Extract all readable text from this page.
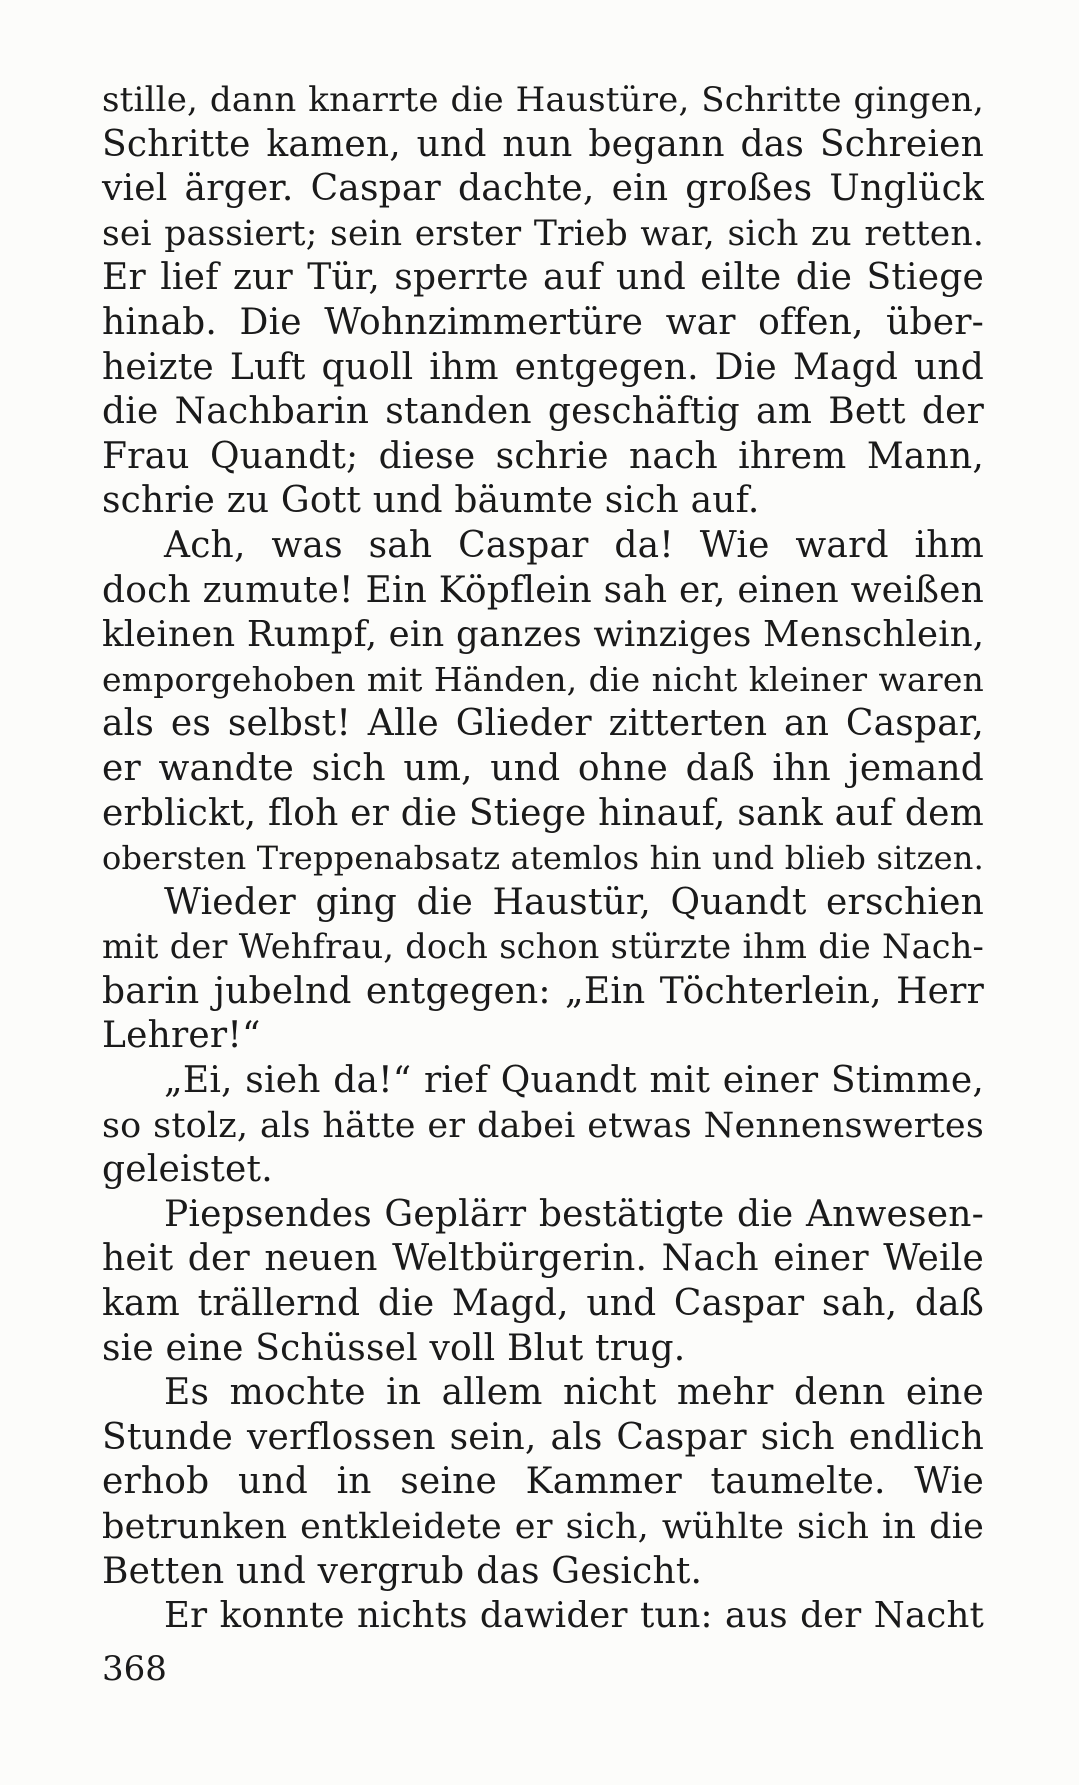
stille, dann knarrte die Haustüre, Schritte gingen,
Schritte kamen, und nun begann das Schreien
viel ärger. Caspar dachte, ein großes Unglück
sei passiert; sein erster Trieb war, sich zu retten.
Er lief zur Tür, sperrte auf und eilte die Stiege
hinab. Die Wohnzimmertüre war offen, über-
heizte Luft quoll ihm entgegen. Die Magd und
die Nachbarin standen geschäftig am Bett der
Frau Quandt; diese schrie nach ihrem Mann,
schrie zu Gott und bäumte sich auf.
Ach, was sah Caspar da! Wie ward ihm
doch zumute! Ein Köpflein sah er, einen weißen
kleinen Rumpf, ein ganzes winziges Menschlein,
emporgehoben mit Händen, die nicht kleiner waren
als es selbst! Alle Glieder zitterten an Caspar,
er wandte sich um, und ohne daß ihn jemand
erblickt, floh er die Stiege hinauf, sank auf dem
obersten Treppenabsatz atemlos hin und blieb sitzen.
Wieder ging die Haustür, Quandt erschien
mit der Wehfrau, doch schon stürzte ihm die Nach-
barin jubelnd entgegen: „Ein Töchterlein, Herr
Lehrer!“
„Ei, sieh da!“ rief Quandt mit einer Stimme,
so stolz, als hätte er dabei etwas Nennenswertes
geleistet.
Piepsendes Geplärr bestätigte die Anwesen-
heit der neuen Weltbürgerin. Nach einer Weile
kam trällernd die Magd, und Caspar sah, daß
sie eine Schüssel voll Blut trug.
Es mochte in allem nicht mehr denn eine
Stunde verflossen sein, als Caspar sich endlich
erhob und in seine Kammer taumelte. Wie
betrunken entkleidete er sich, wühlte sich in die
Betten und vergrub das Gesicht.
Er konnte nichts dawider tun: aus der Nacht
368
